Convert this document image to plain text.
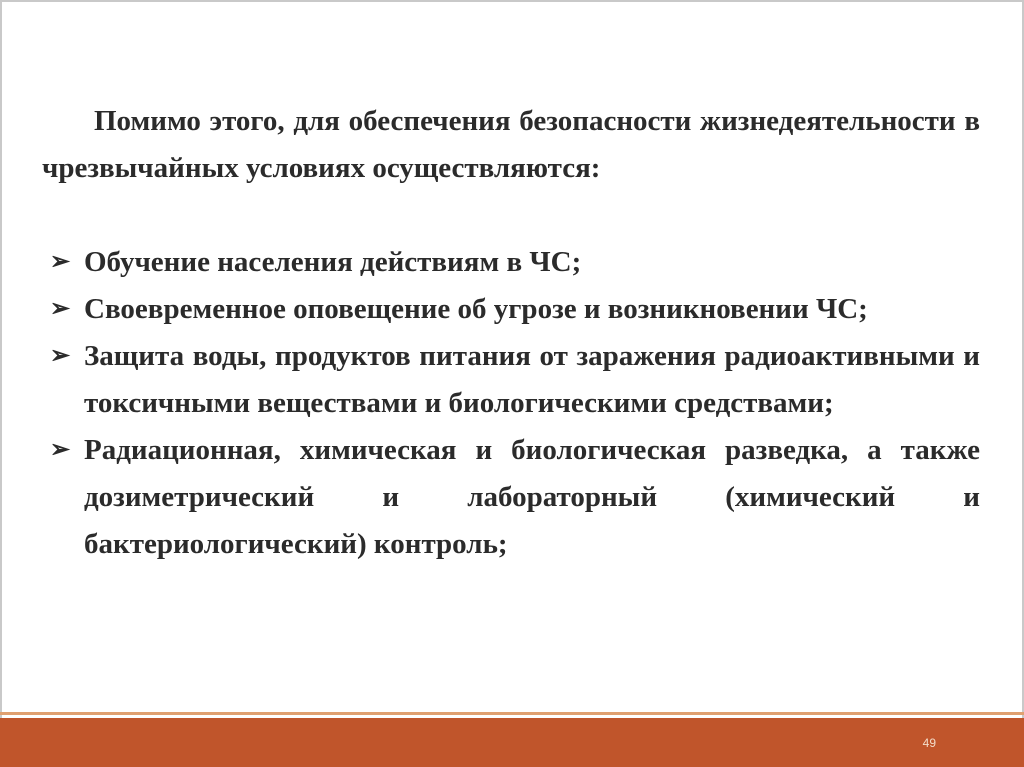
Помимо этого, для обеспечения безопасности жизнедеятельности в чрезвычайных условиях осуществляются:

➢ Обучение населения действиям в ЧС;
➢ Своевременное оповещение об угрозе и возникновении ЧС;
➢ Защита воды, продуктов питания от заражения радиоактивными и токсичными веществами и биологическими средствами;
➢ Радиационная, химическая и биологическая разведка, а также дозиметрический и лабораторный (химический и бактериологический) контроль;
49
